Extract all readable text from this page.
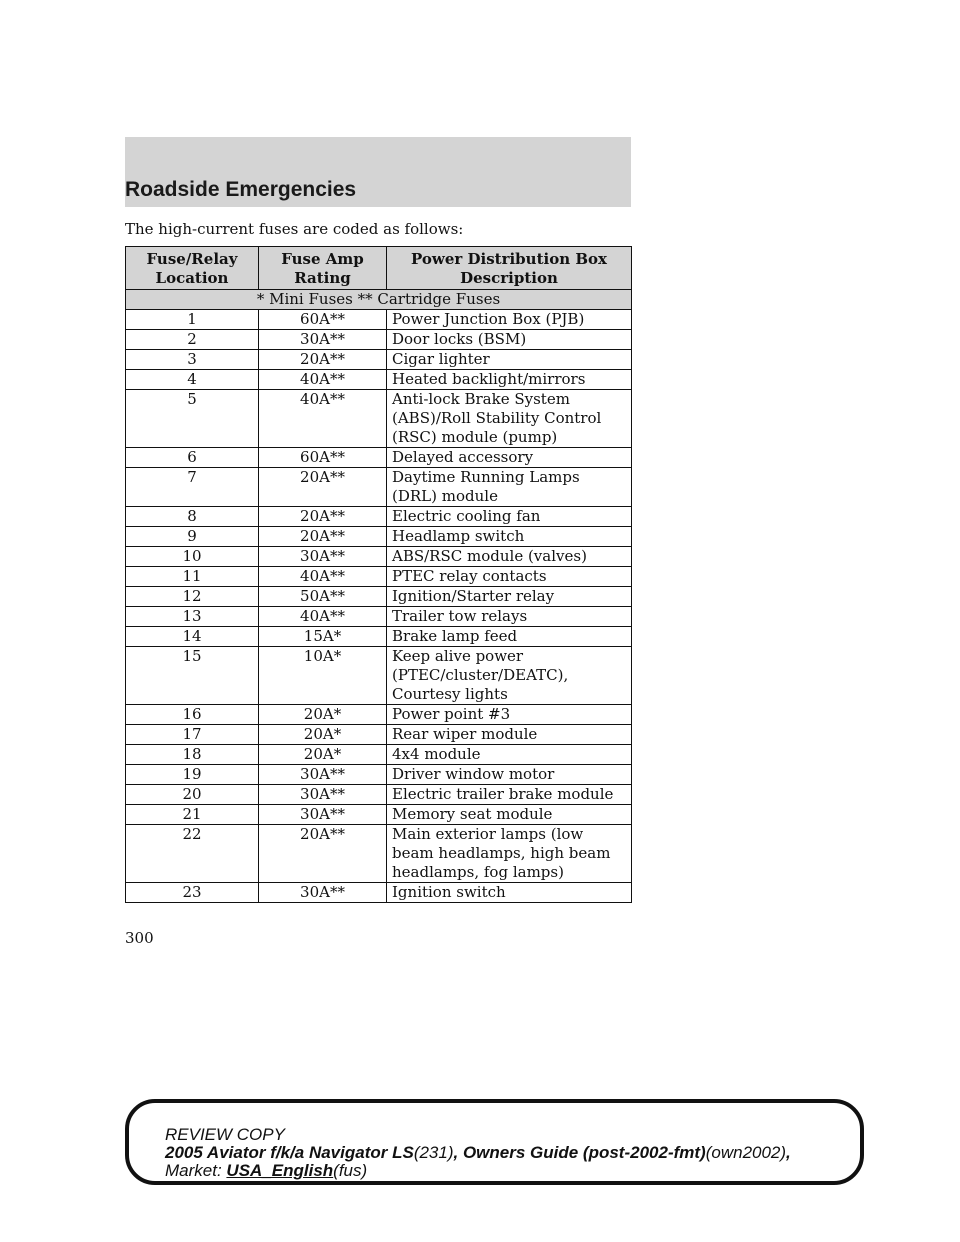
Roadside Emergencies
The high-current fuses are coded as follows:
Fuse/Relay Location	Fuse Amp Rating	Power Distribution Box Description

* Mini Fuses ** Cartridge Fuses		
1	60A**	Power Junction Box (PJB)
2	30A**	Door locks (BSM)
3	20A**	Cigar lighter
4	40A**	Heated backlight/mirrors
5	40A**	Anti-lock Brake System (ABS)/Roll Stability Control (RSC) module (pump)
6	60A**	Delayed accessory
7	20A**	Daytime Running Lamps (DRL) module
8	20A**	Electric cooling fan
9	20A**	Headlamp switch
10	30A**	ABS/RSC module (valves)
11	40A**	PTEC relay contacts
12	50A**	Ignition/Starter relay
13	40A**	Trailer tow relays
14	15A*	Brake lamp feed
15	10A*	Keep alive power (PTEC/cluster/DEATC), Courtesy lights
16	20A*	Power point #3
17	20A*	Rear wiper module
18	20A*	4x4 module
19	30A**	Driver window motor
20	30A**	Electric trailer brake module
21	30A**	Memory seat module
22	20A**	Main exterior lamps (low beam headlamps, high beam headlamps, fog lamps)
23	30A**	Ignition switch
300
REVIEW COPY
2005 Aviator f/k/a Navigator LS(231), Owners Guide (post-2002-fmt)(own2002),
Market: USA_English(fus)
